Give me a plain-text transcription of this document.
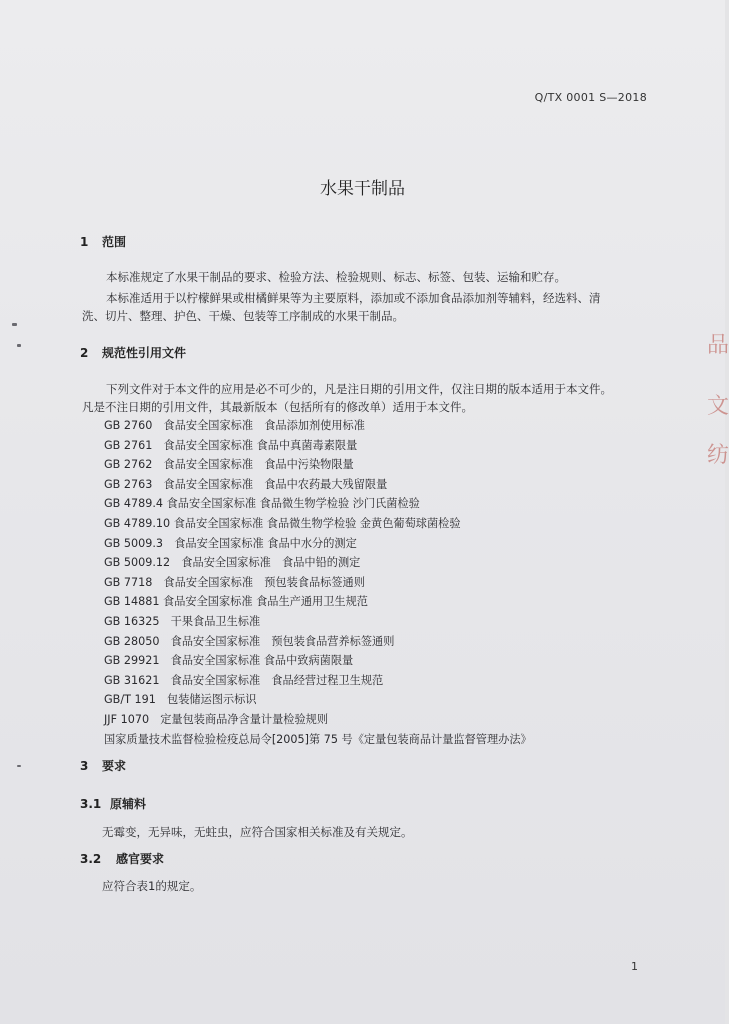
Q/TX 0001 S—2018
水果干制品
1 范围
本标准规定了水果干制品的要求、检验方法、检验规则、标志、标签、包装、运输和贮存。
本标准适用于以柠檬鲜果或柑橘鲜果等为主要原料，添加或不添加食品添加剂等辅料，经选料、清
洗、切片、整理、护色、干燥、包装等工序制成的水果干制品。
2 规范性引用文件
下列文件对于本文件的应用是必不可少的，凡是注日期的引用文件，仅注日期的版本适用于本文件。
凡是不注日期的引用文件，其最新版本（包括所有的修改单）适用于本文件。
GB 2760　食品安全国家标准　食品添加剂使用标准
GB 2761　食品安全国家标准 食品中真菌毒素限量
GB 2762　食品安全国家标准　食品中污染物限量
GB 2763　食品安全国家标准　食品中农药最大残留限量
GB 4789.4 食品安全国家标准 食品微生物学检验 沙门氏菌检验
GB 4789.10 食品安全国家标准 食品微生物学检验 金黄色葡萄球菌检验
GB 5009.3　食品安全国家标准 食品中水分的测定
GB 5009.12　食品安全国家标准　食品中铅的测定
GB 7718　食品安全国家标准　预包装食品标签通则
GB 14881 食品安全国家标准 食品生产通用卫生规范
GB 16325　干果食品卫生标准
GB 28050　食品安全国家标准　预包装食品营养标签通则
GB 29921　食品安全国家标准 食品中致病菌限量
GB 31621　食品安全国家标准　食品经营过程卫生规范
GB/T 191　包装储运图示标识
JJF 1070　定量包装商品净含量计量检验规则
国家质量技术监督检验检疫总局令[2005]第 75 号《定量包装商品计量监督管理办法》
3 要求
3.1 原辅料
无霉变，无异味，无蛀虫，应符合国家相关标准及有关规定。
3.2 感官要求
应符合表1的规定。
1
品
文
纺
